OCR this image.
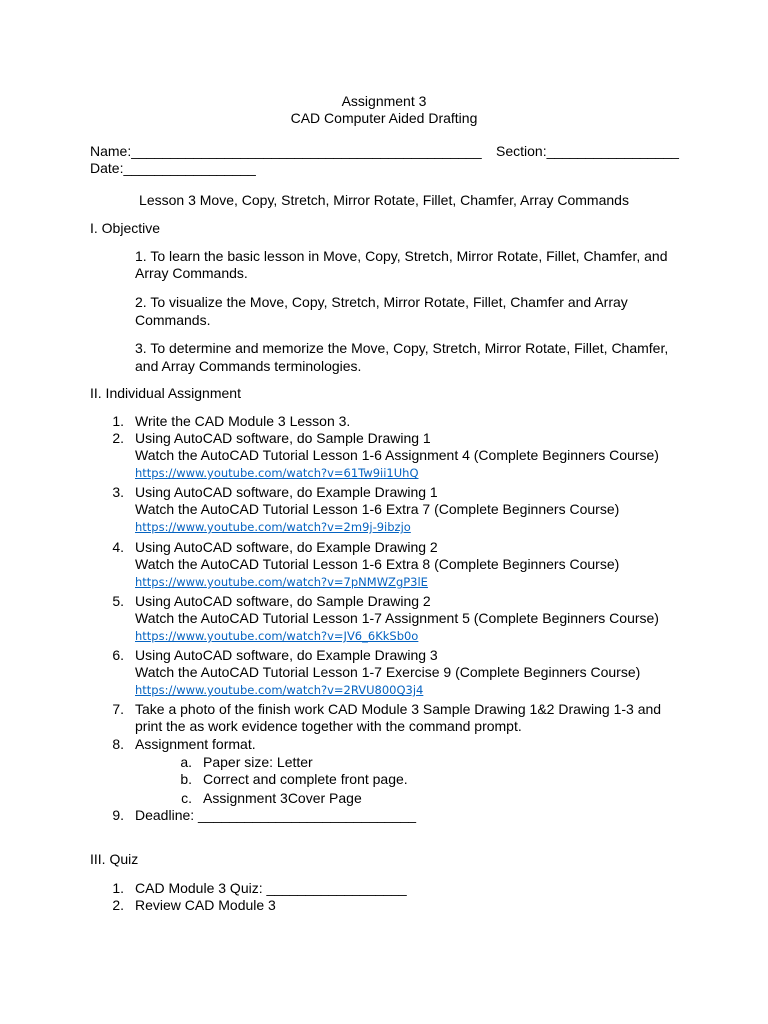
Assignment 3
CAD Computer Aided Drafting
Name:_____________________________________________ Section:_________________
Date:_________________
Lesson 3 Move, Copy, Stretch, Mirror Rotate, Fillet, Chamfer, Array Commands
I. Objective
1. To learn the basic lesson in Move, Copy, Stretch, Mirror Rotate, Fillet, Chamfer, and
Array Commands.
2. To visualize the Move, Copy, Stretch, Mirror Rotate, Fillet, Chamfer and Array
Commands.
3. To determine and memorize the Move, Copy, Stretch, Mirror Rotate, Fillet, Chamfer,
and Array Commands terminologies.
II. Individual Assignment
1. Write the CAD Module 3 Lesson 3.
2. Using AutoCAD software, do Sample Drawing 1
Watch the AutoCAD Tutorial Lesson 1-6 Assignment 4 (Complete Beginners Course)
https://www.youtube.com/watch?v=61Tw9ii1UhQ
3. Using AutoCAD software, do Example Drawing 1
Watch the AutoCAD Tutorial Lesson 1-6 Extra 7 (Complete Beginners Course)
https://www.youtube.com/watch?v=2m9j-9ibzjo
4. Using AutoCAD software, do Example Drawing 2
Watch the AutoCAD Tutorial Lesson 1-6 Extra 8 (Complete Beginners Course)
https://www.youtube.com/watch?v=7pNMWZgP3lE
5. Using AutoCAD software, do Sample Drawing 2
Watch the AutoCAD Tutorial Lesson 1-7 Assignment 5 (Complete Beginners Course)
https://www.youtube.com/watch?v=JV6_6KkSb0o
6. Using AutoCAD software, do Example Drawing 3
Watch the AutoCAD Tutorial Lesson 1-7 Exercise 9 (Complete Beginners Course)
https://www.youtube.com/watch?v=2RVU800Q3j4
7. Take a photo of the finish work CAD Module 3 Sample Drawing 1&2 Drawing 1-3 and
print the as work evidence together with the command prompt.
8. Assignment format.
a. Paper size: Letter
b. Correct and complete front page.
c. Assignment 3Cover Page
9. Deadline: ____________________________
III. Quiz
1. CAD Module 3 Quiz: __________________
2. Review CAD Module 3
